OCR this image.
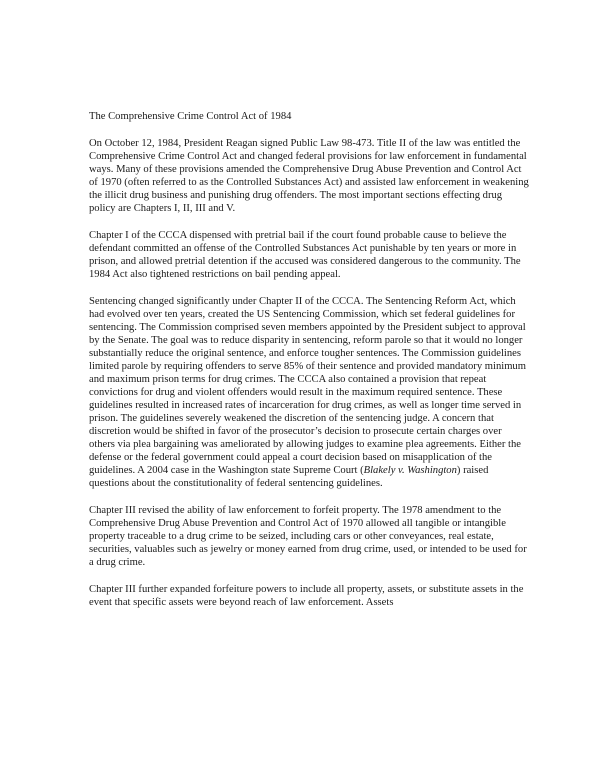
The Comprehensive Crime Control Act of 1984

On October 12, 1984, President Reagan signed Public Law 98-473. Title II of the law was entitled the Comprehensive Crime Control Act and changed federal provisions for law enforcement in fundamental ways. Many of these provisions amended the Comprehensive Drug Abuse Prevention and Control Act of 1970 (often referred to as the Controlled Substances Act) and assisted law enforcement in weakening the illicit drug business and punishing drug offenders. The most important sections effecting drug policy are Chapters I, II, III and V.

Chapter I of the CCCA dispensed with pretrial bail if the court found probable cause to believe the defendant committed an offense of the Controlled Substances Act punishable by ten years or more in prison, and allowed pretrial detention if the accused was considered dangerous to the community. The 1984 Act also tightened restrictions on bail pending appeal.

Sentencing changed significantly under Chapter II of the CCCA. The Sentencing Reform Act, which had evolved over ten years, created the US Sentencing Commission, which set federal guidelines for sentencing. The Commission comprised seven members appointed by the President subject to approval by the Senate. The goal was to reduce disparity in sentencing, reform parole so that it would no longer substantially reduce the original sentence, and enforce tougher sentences. The Commission guidelines limited parole by requiring offenders to serve 85% of their sentence and provided mandatory minimum and maximum prison terms for drug crimes. The CCCA also contained a provision that repeat convictions for drug and violent offenders would result in the maximum required sentence. These guidelines resulted in increased rates of incarceration for drug crimes, as well as longer time served in prison. The guidelines severely weakened the discretion of the sentencing judge. A concern that discretion would be shifted in favor of the prosecutor’s decision to prosecute certain charges over others via plea bargaining was ameliorated by allowing judges to examine plea agreements. Either the defense or the federal government could appeal a court decision based on misapplication of the guidelines. A 2004 case in the Washington state Supreme Court (Blakely v. Washington) raised questions about the constitutionality of federal sentencing guidelines.

Chapter III revised the ability of law enforcement to forfeit property. The 1978 amendment to the Comprehensive Drug Abuse Prevention and Control Act of 1970 allowed all tangible or intangible property traceable to a drug crime to be seized, including cars or other conveyances, real estate, securities, valuables such as jewelry or money earned from drug crime, used, or intended to be used for a drug crime.

Chapter III further expanded forfeiture powers to include all property, assets, or substitute assets in the event that specific assets were beyond reach of law enforcement. Assets
